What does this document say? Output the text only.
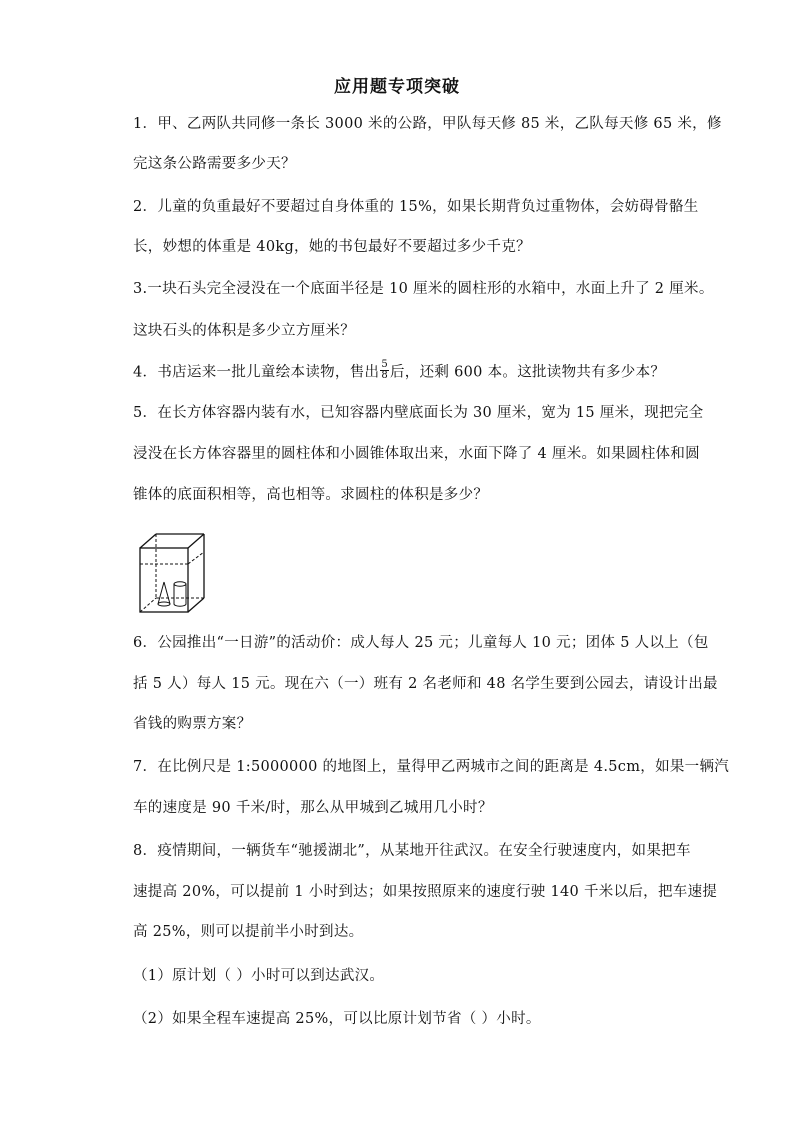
应用题专项突破
1．甲、乙两队共同修一条长 3000 米的公路，甲队每天修 85 米，乙队每天修 65 米，修
完这条公路需要多少天？
2．儿童的负重最好不要超过自身体重的 15%，如果长期背负过重物体，会妨碍骨骼生
长，妙想的体重是 40kg，她的书包最好不要超过多少千克？
3.一块石头完全浸没在一个底面半径是 10 厘米的圆柱形的水箱中，水面上升了 2 厘米。
这块石头的体积是多少立方厘米？
4．书店运来一批儿童绘本读物，售出 $\frac{5}{8}$ 后，还剩 600 本。这批读物共有多少本？
5．在长方体容器内装有水，已知容器内壁底面长为 30 厘米，宽为 15 厘米，现把完全
浸没在长方体容器里的圆柱体和小圆锥体取出来，水面下降了 4 厘米。如果圆柱体和圆
锥体的底面积相等，高也相等。求圆柱的体积是多少？
6．公园推出“一日游”的活动价：成人每人 25 元；儿童每人 10 元；团体 5 人以上（包
括 5 人）每人 15 元。现在六（一）班有 2 名老师和 48 名学生要到公园去，请设计出最
省钱的购票方案？
7．在比例尺是 1:5000000 的地图上，量得甲乙两城市之间的距离是 4.5cm，如果一辆汽
车的速度是 90 千米/时，那么从甲城到乙城用几小时？
8．疫情期间，一辆货车“驰援湖北”，从某地开往武汉。在安全行驶速度内，如果把车
速提高 20%，可以提前 1 小时到达；如果按照原来的速度行驶 140 千米以后，把车速提
高 25%，则可以提前半小时到达。
（1）原计划（ ）小时可以到达武汉。
（2）如果全程车速提高 25%，可以比原计划节省（ ）小时。
